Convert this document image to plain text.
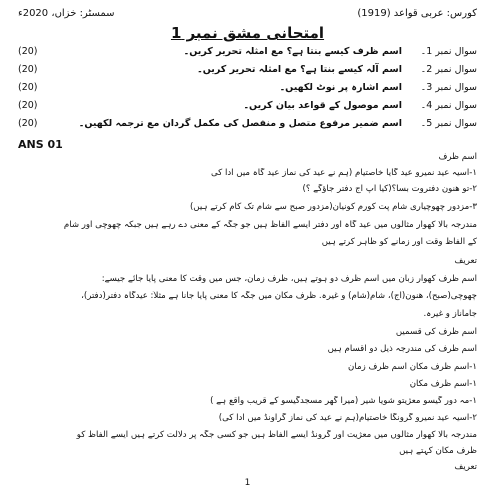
کورس: عربی قواعد (1919)
سمسٹر: خزاں، 2020ء
امتحانی مشق نمبر 1
سوال نمبر 1۔
اسم ظرف کیسے بنتا ہے؟ مع امثلہ تحریر کریں۔
(20)
سوال نمبر 2۔
اسم آلہ کیسے بنتا ہے؟ مع امثلہ تحریر کریں۔
(20)
سوال نمبر 3۔
اسم اشارہ پر نوٹ لکھیں۔
(20)
سوال نمبر 4۔
اسم موصول کے قواعد بیان کریں۔
(20)
سوال نمبر 5۔
اسم ضمیر مرفوع متصل و منفصل کی مکمل گردان مع ترجمہ لکھیں۔
(20)
ANS 01
اسم ظرف
۱-اسیہ عید نمیرو عید گایا خاصتیام (ہم نے عید کی نماز عید گاہ میں ادا کی
۲-تو ھنون دفتروت بسآ؟(کیا آپ آج دفتر جاؤگے ؟)
۳-مزدور چھوچیاری شام پت کورم کونیان(مزدور صبح سے شام تک کام کرتے ہیں)
مندرجہ بالا کھوار مثالوں میں عید گاہ اور دفتر ایسے الفاظ ہیں جو جگہ کے معنی دے رہے ہیں جبکہ چھوچی اور شام
کے الفاظ وقت اور زمانے کو ظاہر کرتے ہیں
تعریف
اسم ظرف کھوار زبان میں اسم ظرف دو ہوتے ہیں، ظرف زمان، جس میں وقت کا معنی پایا جائے جیسے:
چھوچی(صبح)، ھنون(آج)، شام(شام) و غیرہ. ظرف مکان میں جگہ کا معنی پایا جانا ہے مثلاً: عیدگاہ دفتر(دفتر)،
جاماناز و غیرہ.
اسم ظرف کی قسمیں
اسم ظرف کی مندرجہ ذیل دو اقسام ہیں
۱-اسم ظرف مکان اسم ظرف زمان
۱-اسم ظرف مکان
۱-مہ دور گیسو معژیتو شویا شیر (میرا گھر مسجدگیسو کے قریب واقع ہے )
۲-اسیہ عید نمیرو گرونگا خاصتیام(ہم نے عید کی نماز گراونڈ میں ادا کی)
مندرجہ بالا کھوار مثالوں میں معژیت اور گرونڈ ایسے الفاظ ہیں جو کسی جگہ پر دلالت کرتے ہیں ایسے الفاظ کو
ظرف مکان کہتے ہیں
تعریف
1
